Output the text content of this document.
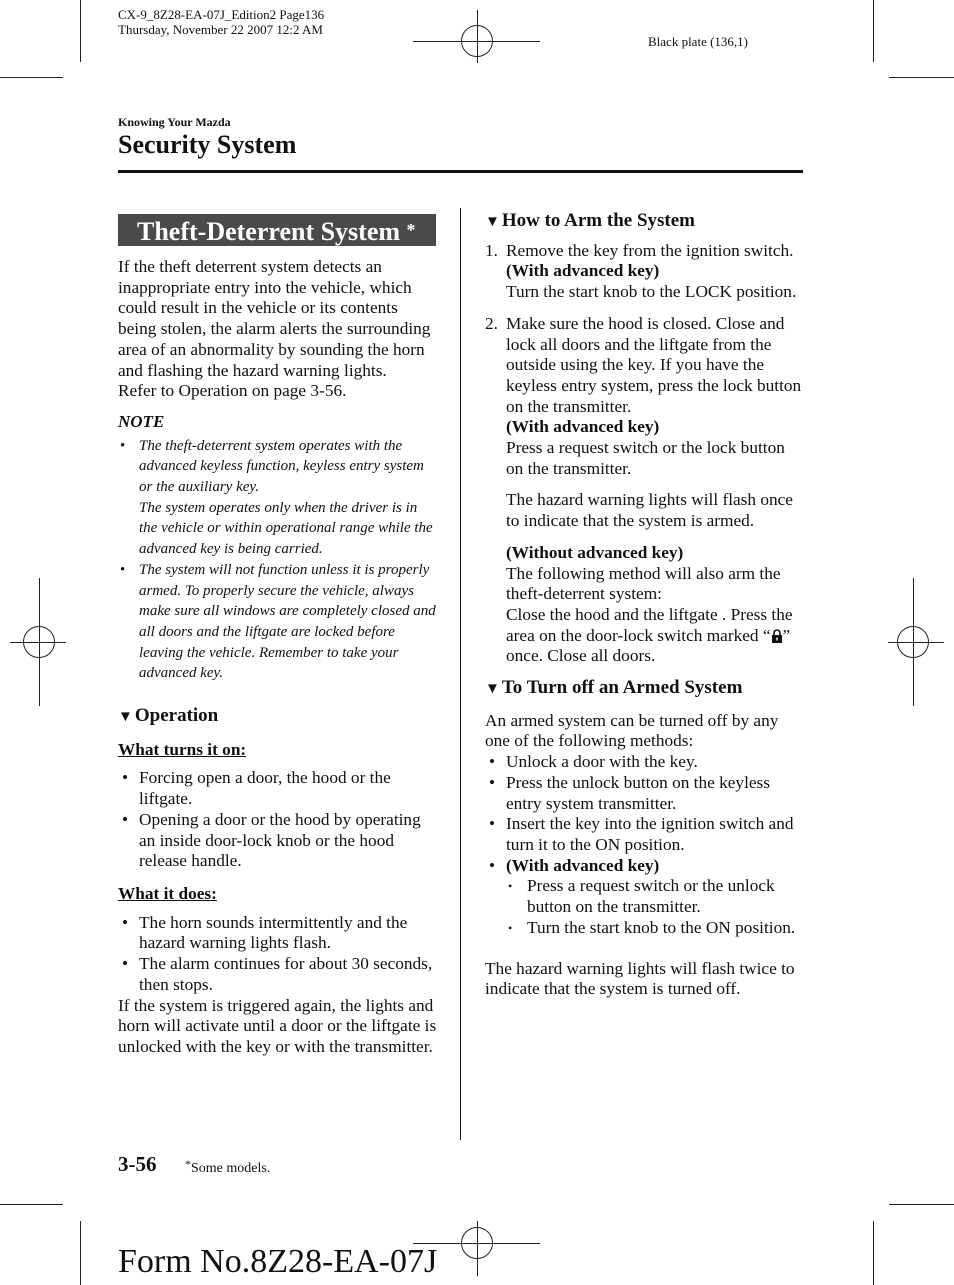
CX-9_8Z28-EA-07J_Edition2 Page136
Thursday, November 22 2007 12:2 AM
Black plate (136,1)
Knowing Your Mazda
Security System
Theft-Deterrent System *

If the theft deterrent system detects an inappropriate entry into the vehicle, which could result in the vehicle or its contents being stolen, the alarm alerts the surrounding area of an abnormality by sounding the horn and flashing the hazard warning lights.

Refer to Operation on page 3-56.

NOTE
• The theft-deterrent system operates with the advanced keyless function, keyless entry system or the auxiliary key.
The system operates only when the driver is in the vehicle or within operational range while the advanced key is being carried.
• The system will not function unless it is properly armed. To properly secure the vehicle, always make sure all windows are completely closed and all doors and the liftgate are locked before leaving the vehicle. Remember to take your advanced key.
▼ Operation
What turns it on:
• Forcing open a door, the hood or the liftgate.
• Opening a door or the hood by operating an inside door-lock knob or the hood release handle.
What it does:
• The horn sounds intermittently and the hazard warning lights flash.
• The alarm continues for about 30 seconds, then stops.

If the system is triggered again, the lights and horn will activate until a door or the liftgate is unlocked with the key or with the transmitter.

▼ How to Arm the System
1. Remove the key from the ignition switch.
(With advanced key)
Turn the start knob to the LOCK position.
2. Make sure the hood is closed. Close and lock all doors and the liftgate from the outside using the key. If you have the keyless entry system, press the lock button on the transmitter.
(With advanced key)
Press a request switch or the lock button on the transmitter.
The hazard warning lights will flash once to indicate that the system is armed.
(Without advanced key)
The following method will also arm the theft-deterrent system:
Close the hood and the liftgate . Press the area on the door-lock switch marked “ ” once. Close all doors.
▼ To Turn off an Armed System

An armed system can be turned off by any one of the following methods:

• Unlock a door with the key.
• Press the unlock button on the keyless entry system transmitter.
• Insert the key into the ignition switch and turn it to the ON position.
• (With advanced key)
• Press a request switch or the unlock button on the transmitter.
• Turn the start knob to the ON position.

The hazard warning lights will flash twice to indicate that the system is turned off.

3-56 *Some models.
Form No.8Z28-EA-07J
